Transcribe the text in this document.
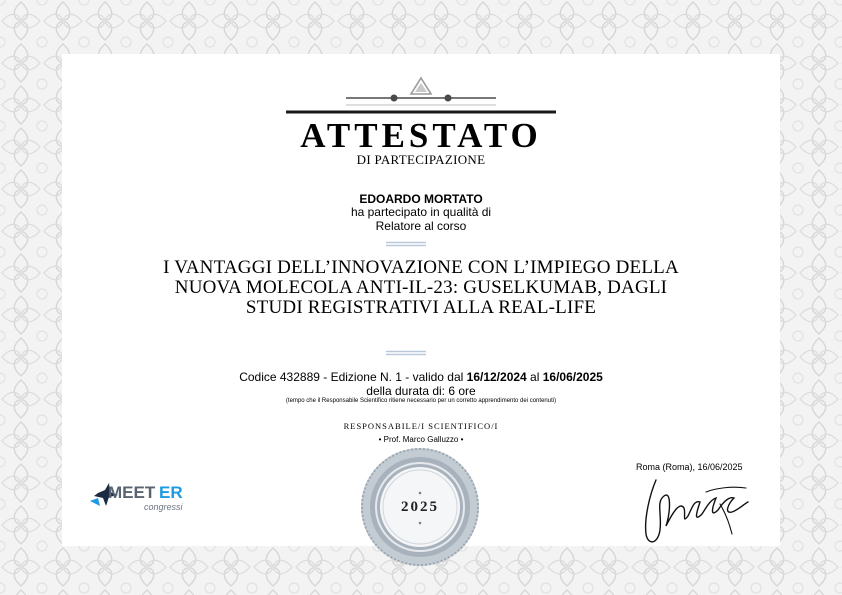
ATTESTATO
DI PARTECIPAZIONE
EDOARDO MORTATO
ha partecipato in qualità di
Relatore al corso
I VANTAGGI DELL’INNOVAZIONE CON L’IMPIEGO DELLA
NUOVA MOLECOLA ANTI-IL-23: GUSELKUMAB, DAGLI
STUDI REGISTRATIVI ALLA REAL-LIFE
Codice 432889 - Edizione N. 1 - valido dal 16/12/2024 al 16/06/2025
della durata di: 6 ore
(tempo che il Responsabile Scientifico ritiene necessario per un corretto apprendimento dei contenuti)
RESPONSABILE/I SCIENTIFICO/I
• Prof. Marco Galluzzo •
Roma (Roma), 16/06/2025
MEET ER
congressi	2025
